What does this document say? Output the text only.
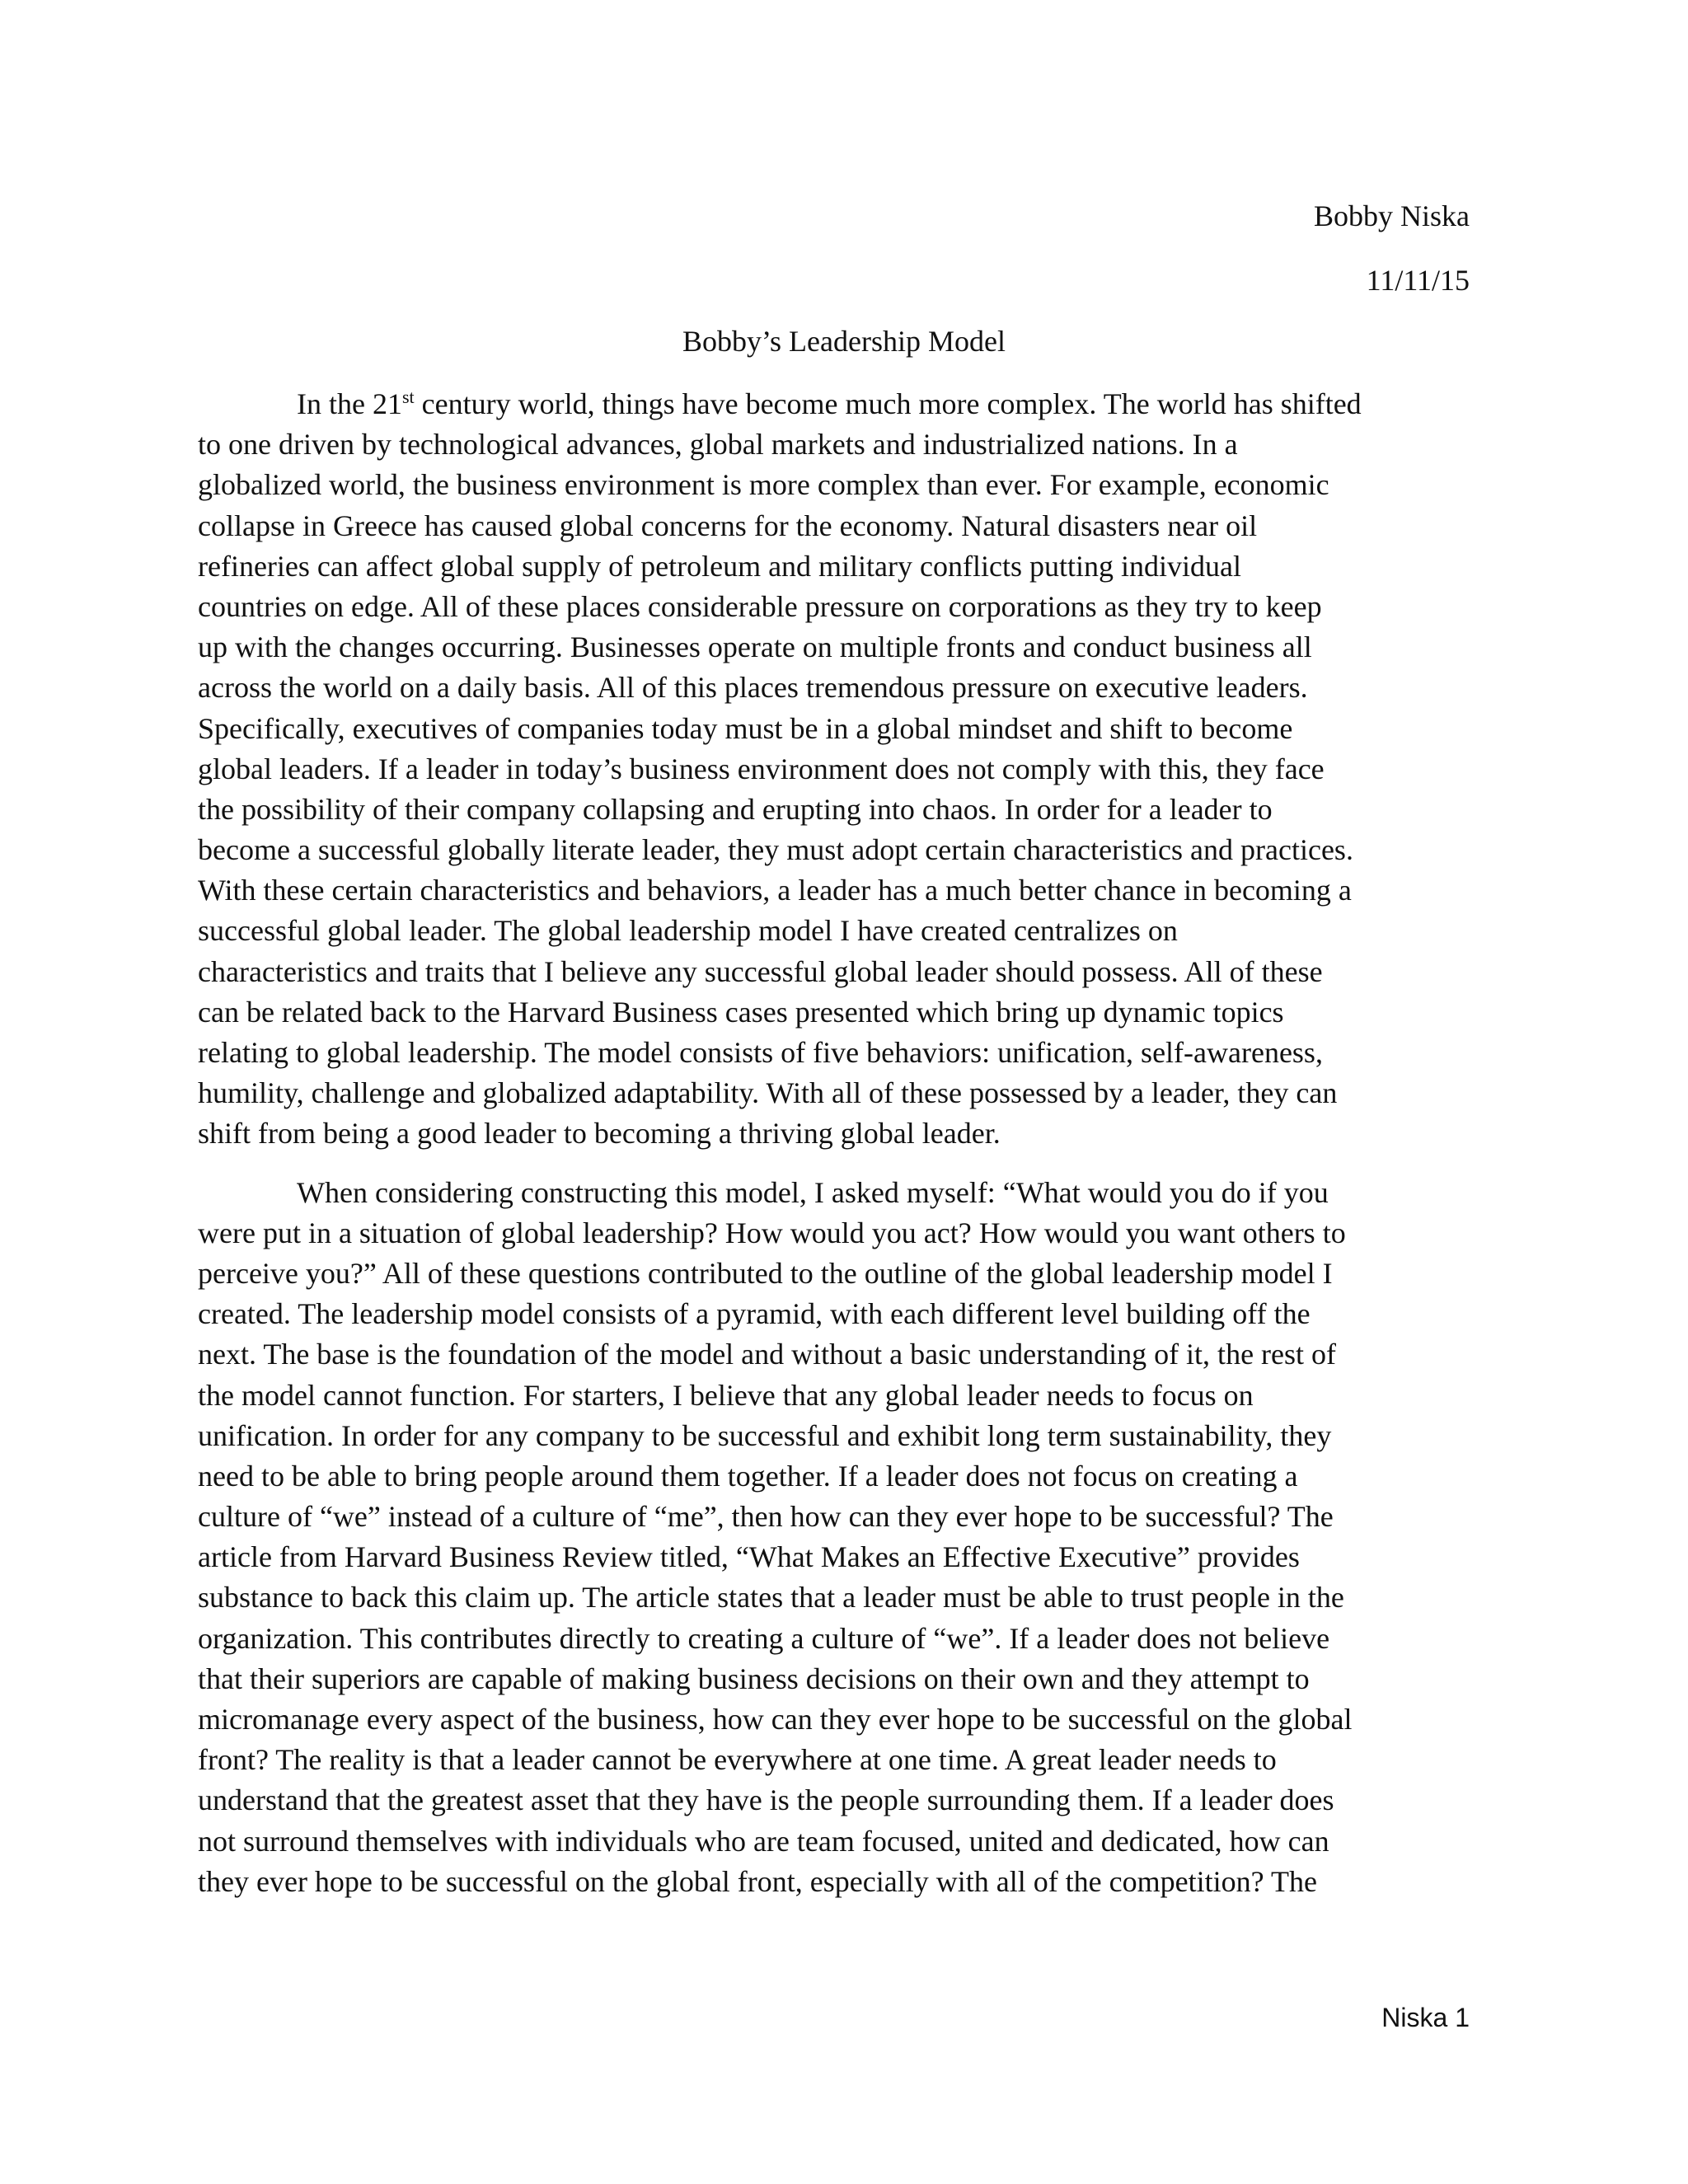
Bobby Niska
11/11/15
Bobby’s Leadership Model
In the 21st century world, things have become much more complex. The world has shifted
to one driven by technological advances, global markets and industrialized nations. In a
globalized world, the business environment is more complex than ever. For example, economic
collapse in Greece has caused global concerns for the economy. Natural disasters near oil
refineries can affect global supply of petroleum and military conflicts putting individual
countries on edge. All of these places considerable pressure on corporations as they try to keep
up with the changes occurring. Businesses operate on multiple fronts and conduct business all
across the world on a daily basis. All of this places tremendous pressure on executive leaders.
Specifically, executives of companies today must be in a global mindset and shift to become
global leaders. If a leader in today’s business environment does not comply with this, they face
the possibility of their company collapsing and erupting into chaos. In order for a leader to
become a successful globally literate leader, they must adopt certain characteristics and practices.
With these certain characteristics and behaviors, a leader has a much better chance in becoming a
successful global leader. The global leadership model I have created centralizes on
characteristics and traits that I believe any successful global leader should possess. All of these
can be related back to the Harvard Business cases presented which bring up dynamic topics
relating to global leadership. The model consists of five behaviors: unification, self-awareness,
humility, challenge and globalized adaptability. With all of these possessed by a leader, they can
shift from being a good leader to becoming a thriving global leader.
When considering constructing this model, I asked myself: “What would you do if you
were put in a situation of global leadership? How would you act? How would you want others to
perceive you?” All of these questions contributed to the outline of the global leadership model I
created. The leadership model consists of a pyramid, with each different level building off the
next. The base is the foundation of the model and without a basic understanding of it, the rest of
the model cannot function. For starters, I believe that any global leader needs to focus on
unification. In order for any company to be successful and exhibit long term sustainability, they
need to be able to bring people around them together. If a leader does not focus on creating a
culture of “we” instead of a culture of “me”, then how can they ever hope to be successful? The
article from Harvard Business Review titled, “What Makes an Effective Executive” provides
substance to back this claim up. The article states that a leader must be able to trust people in the
organization. This contributes directly to creating a culture of “we”. If a leader does not believe
that their superiors are capable of making business decisions on their own and they attempt to
micromanage every aspect of the business, how can they ever hope to be successful on the global
front? The reality is that a leader cannot be everywhere at one time. A great leader needs to
understand that the greatest asset that they have is the people surrounding them. If a leader does
not surround themselves with individuals who are team focused, united and dedicated, how can
they ever hope to be successful on the global front, especially with all of the competition? The
Niska 1
